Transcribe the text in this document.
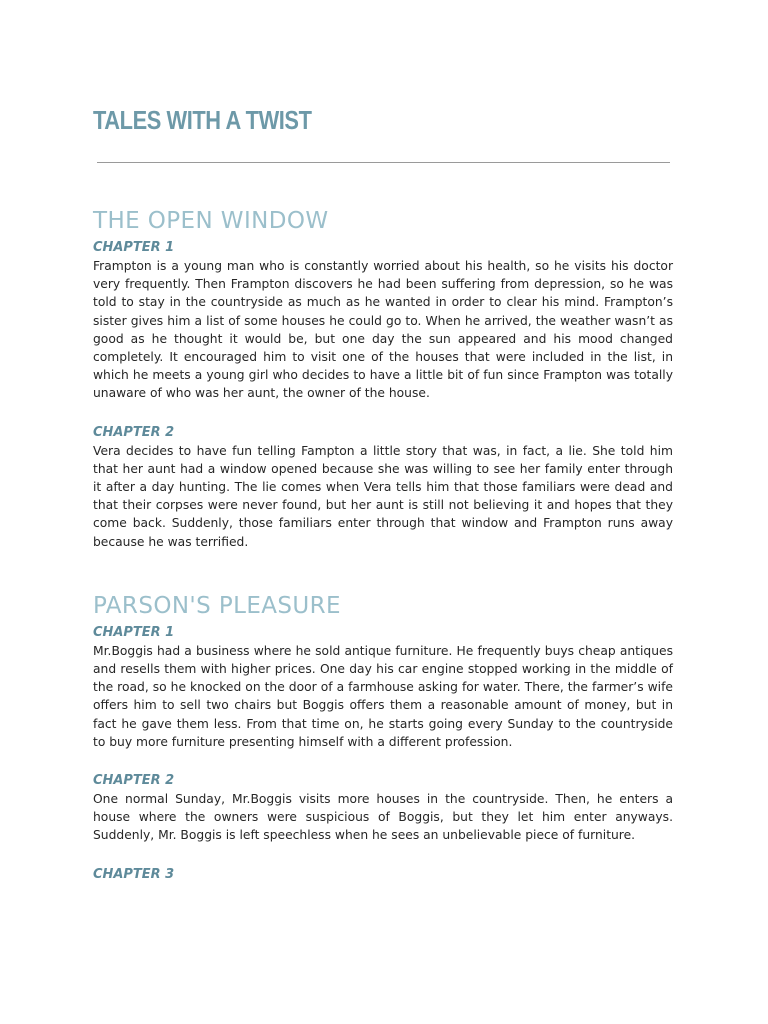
TALES WITH A TWIST
THE OPEN WINDOW
CHAPTER 1

Frampton is a young man who is constantly worried about his health, so he visits his doctor very frequently. Then Frampton discovers he had been suffering from depression, so he was told to stay in the countryside as much as he wanted in order to clear his mind. Frampton’s sister gives him a list of some houses he could go to. When he arrived, the weather wasn’t as good as he thought it would be, but one day the sun appeared and his mood changed completely. It encouraged him to visit one of the houses that were included in the list, in which he meets a young girl who decides to have a little bit of fun since Frampton was totally unaware of who was her aunt, the owner of the house.

CHAPTER 2

Vera decides to have fun telling Fampton a little story that was, in fact, a lie. She told him that her aunt had a window opened because she was willing to see her family enter through it after a day hunting. The lie comes when Vera tells him that those familiars were dead and that their corpses were never found, but her aunt is still not believing it and hopes that they come back. Suddenly, those familiars enter through that window and Frampton runs away because he was terrified.

PARSON'S PLEASURE
CHAPTER 1

Mr.Boggis had a business where he sold antique furniture. He frequently buys cheap antiques and resells them with higher prices. One day his car engine stopped working in the middle of the road, so he knocked on the door of a farmhouse asking for water. There, the farmer’s wife offers him to sell two chairs but Boggis offers them a reasonable amount of money, but in fact he gave them less. From that time on, he starts going every Sunday to the countryside to buy more furniture presenting himself with a different profession.

CHAPTER 2

One normal Sunday, Mr.Boggis visits more houses in the countryside. Then, he enters a house where the owners were suspicious of Boggis, but they let him enter anyways. Suddenly, Mr. Boggis is left speechless when he sees an unbelievable piece of furniture.

CHAPTER 3
